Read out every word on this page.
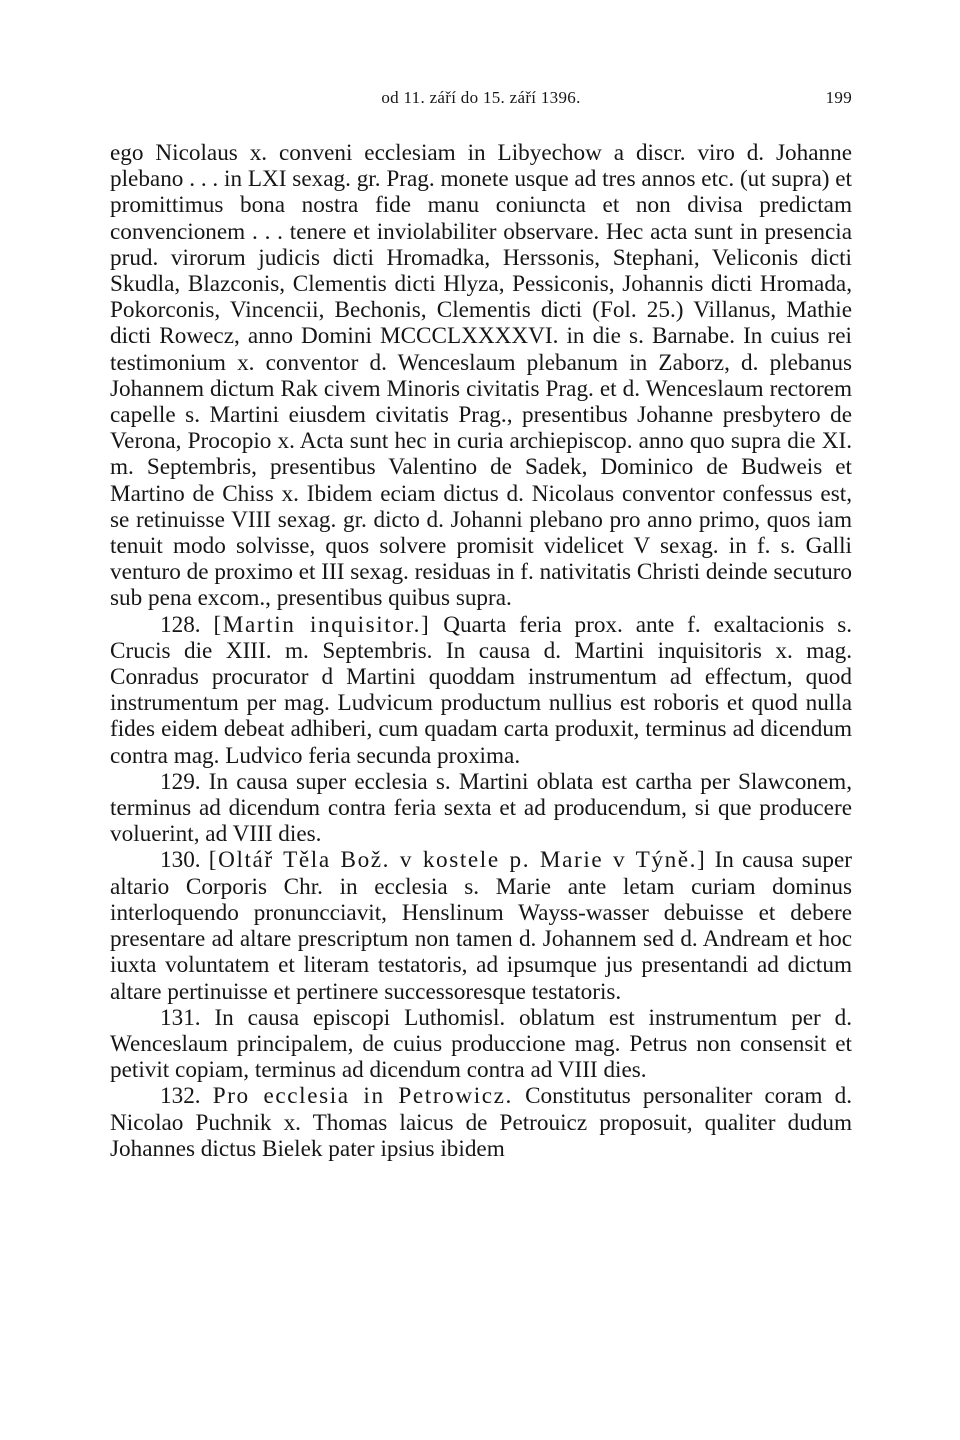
od 11. září do 15. září 1396.	199

ego Nicolaus x. conveni ecclesiam in Libyechow a discr. viro d. Johanne plebano . . . in LXI sexag. gr. Prag. monete usque ad tres annos etc. (ut supra) et promittimus bona nostra fide manu coniuncta et non divisa predictam convencionem . . . tenere et inviolabiliter observare. Hec acta sunt in presencia prud. virorum judicis dicti Hromadka, Herssonis, Stephani, Veliconis dicti Skudla, Blazconis, Clementis dicti Hlyza, Pessiconis, Johannis dicti Hromada, Pokorconis, Vincencii, Bechonis, Clementis dicti (Fol. 25.) Villanus, Mathie dicti Rowecz, anno Domini MCCCLXXXXVI. in die s. Barnabe. In cuius rei testimonium x. conventor d. Wenceslaum plebanum in Zaborz, d. plebanus Johannem dictum Rak civem Minoris civitatis Prag. et d. Wenceslaum rectorem capelle s. Martini eiusdem civitatis Prag., presentibus Johanne presbytero de Verona, Procopio x. Acta sunt hec in curia archiepiscop. anno quo supra die XI. m. Septembris, presentibus Valentino de Sadek, Dominico de Budweis et Martino de Chiss x. Ibidem eciam dictus d. Nicolaus conventor confessus est, se retinuisse VIII sexag. gr. dicto d. Johanni plebano pro anno primo, quos iam tenuit modo solvisse, quos solvere promisit videlicet V sexag. in f. s. Galli venturo de proximo et III sexag. residuas in f. nativitatis Christi deinde secuturo sub pena excom., presentibus quibus supra.

128. [Martin inquisitor.] Quarta feria prox. ante f. exaltacionis s. Crucis die XIII. m. Septembris. In causa d. Martini inquisitoris x. mag. Conradus procurator d Martini quoddam instrumentum ad effectum, quod instrumentum per mag. Ludvicum productum nullius est roboris et quod nulla fides eidem debeat adhiberi, cum quadam carta produxit, terminus ad dicendum contra mag. Ludvico feria secunda proxima.

129. In causa super ecclesia s. Martini oblata est cartha per Slawconem, terminus ad dicendum contra feria sexta et ad producendum, si que producere voluerint, ad VIII dies.

130. [Oltář Těla Bož. v kostele p. Marie v Týně.] In causa super altario Corporis Chr. in ecclesia s. Marie ante letam curiam dominus interloquendo pronuncciavit, Henslinum Wayss-wasser debuisse et debere presentare ad altare prescriptum non tamen d. Johannem sed d. Andream et hoc iuxta voluntatem et literam testatoris, ad ipsumque jus presentandi ad dictum altare pertinuisse et pertinere successoresque testatoris.

131. In causa episcopi Luthomisl. oblatum est instrumentum per d. Wenceslaum principalem, de cuius produccione mag. Petrus non consensit et petivit copiam, terminus ad dicendum contra ad VIII dies.

132. Pro ecclesia in Petrowicz. Constitutus personaliter coram d. Nicolao Puchnik x. Thomas laicus de Petrouicz proposuit, qualiter dudum Johannes dictus Bielek pater ipsius ibidem
